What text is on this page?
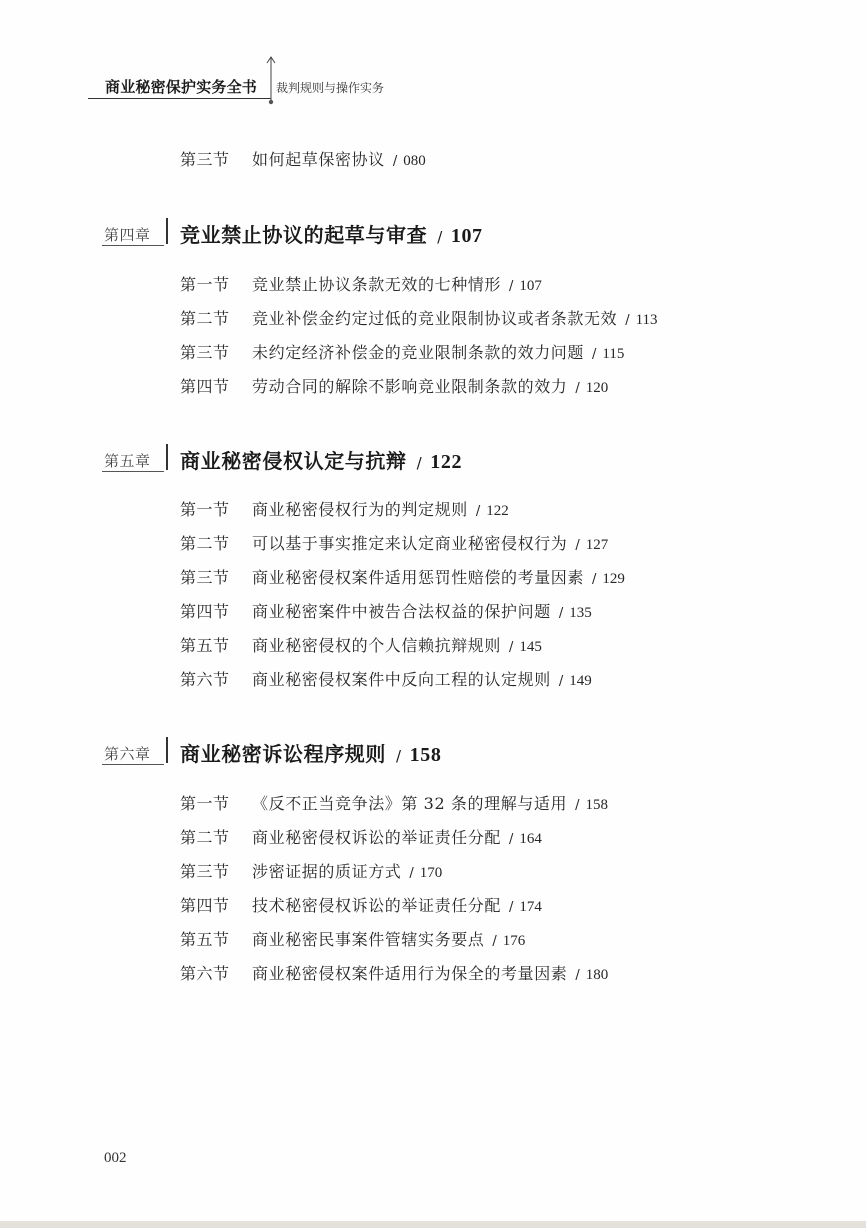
商业秘密保护实务全书 裁判规则与操作实务
第三节 如何起草保密协议 / 080
第四章 竞业禁止协议的起草与审查 / 107
第一节 竞业禁止协议条款无效的七种情形 / 107
第二节 竞业补偿金约定过低的竞业限制协议或者条款无效 / 113
第三节 未约定经济补偿金的竞业限制条款的效力问题 / 115
第四节 劳动合同的解除不影响竞业限制条款的效力 / 120
第五章 商业秘密侵权认定与抗辩 / 122
第一节 商业秘密侵权行为的判定规则 / 122
第二节 可以基于事实推定来认定商业秘密侵权行为 / 127
第三节 商业秘密侵权案件适用惩罚性赔偿的考量因素 / 129
第四节 商业秘密案件中被告合法权益的保护问题 / 135
第五节 商业秘密侵权的个人信赖抗辩规则 / 145
第六节 商业秘密侵权案件中反向工程的认定规则 / 149
第六章 商业秘密诉讼程序规则 / 158
第一节 《反不正当竞争法》第 32 条的理解与适用 / 158
第二节 商业秘密侵权诉讼的举证责任分配 / 164
第三节 涉密证据的质证方式 / 170
第四节 技术秘密侵权诉讼的举证责任分配 / 174
第五节 商业秘密民事案件管辖实务要点 / 176
第六节 商业秘密侵权案件适用行为保全的考量因素 / 180
002
